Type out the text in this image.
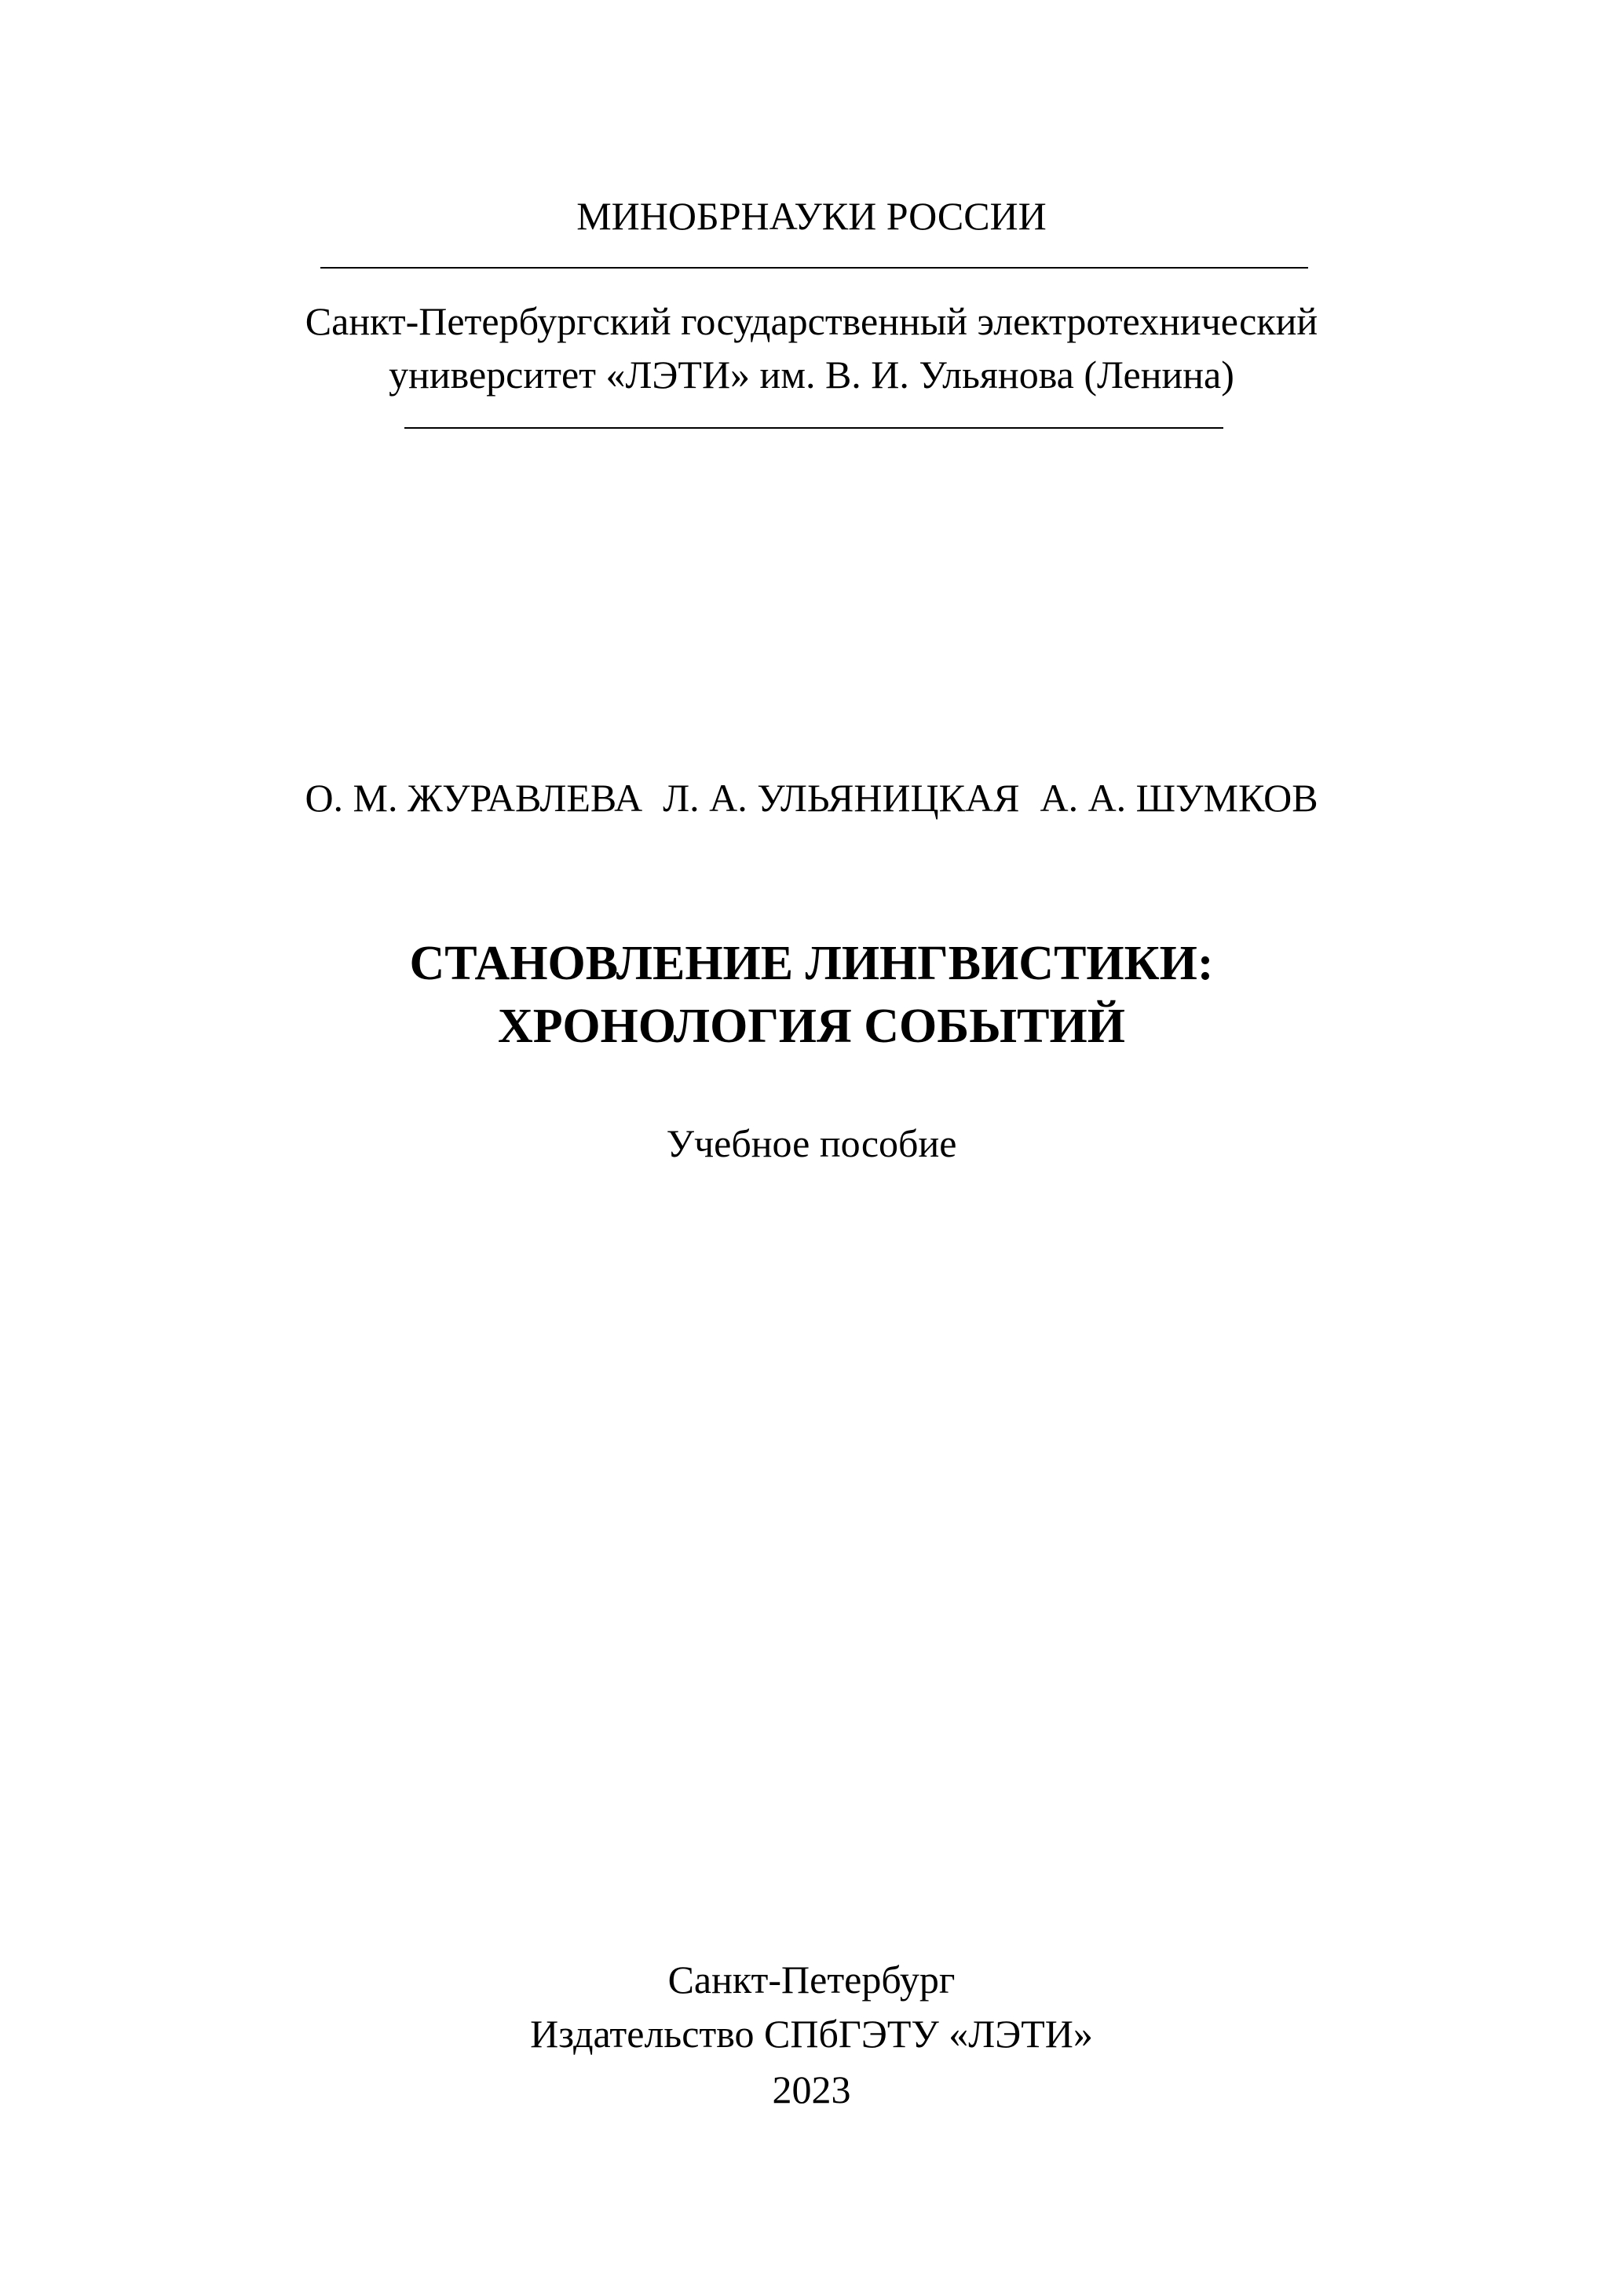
МИНОБРНАУКИ РОССИИ
Санкт-Петербургский государственный электротехнический
университет «ЛЭТИ» им. В. И. Ульянова (Ленина)
О. М. ЖУРАВЛЕВА Л. А. УЛЬЯНИЦКАЯ А. А. ШУМКОВ
СТАНОВЛЕНИЕ ЛИНГВИСТИКИ:
ХРОНОЛОГИЯ СОБЫТИЙ
Учебное пособие
Санкт-Петербург
Издательство СПбГЭТУ «ЛЭТИ»
2023
